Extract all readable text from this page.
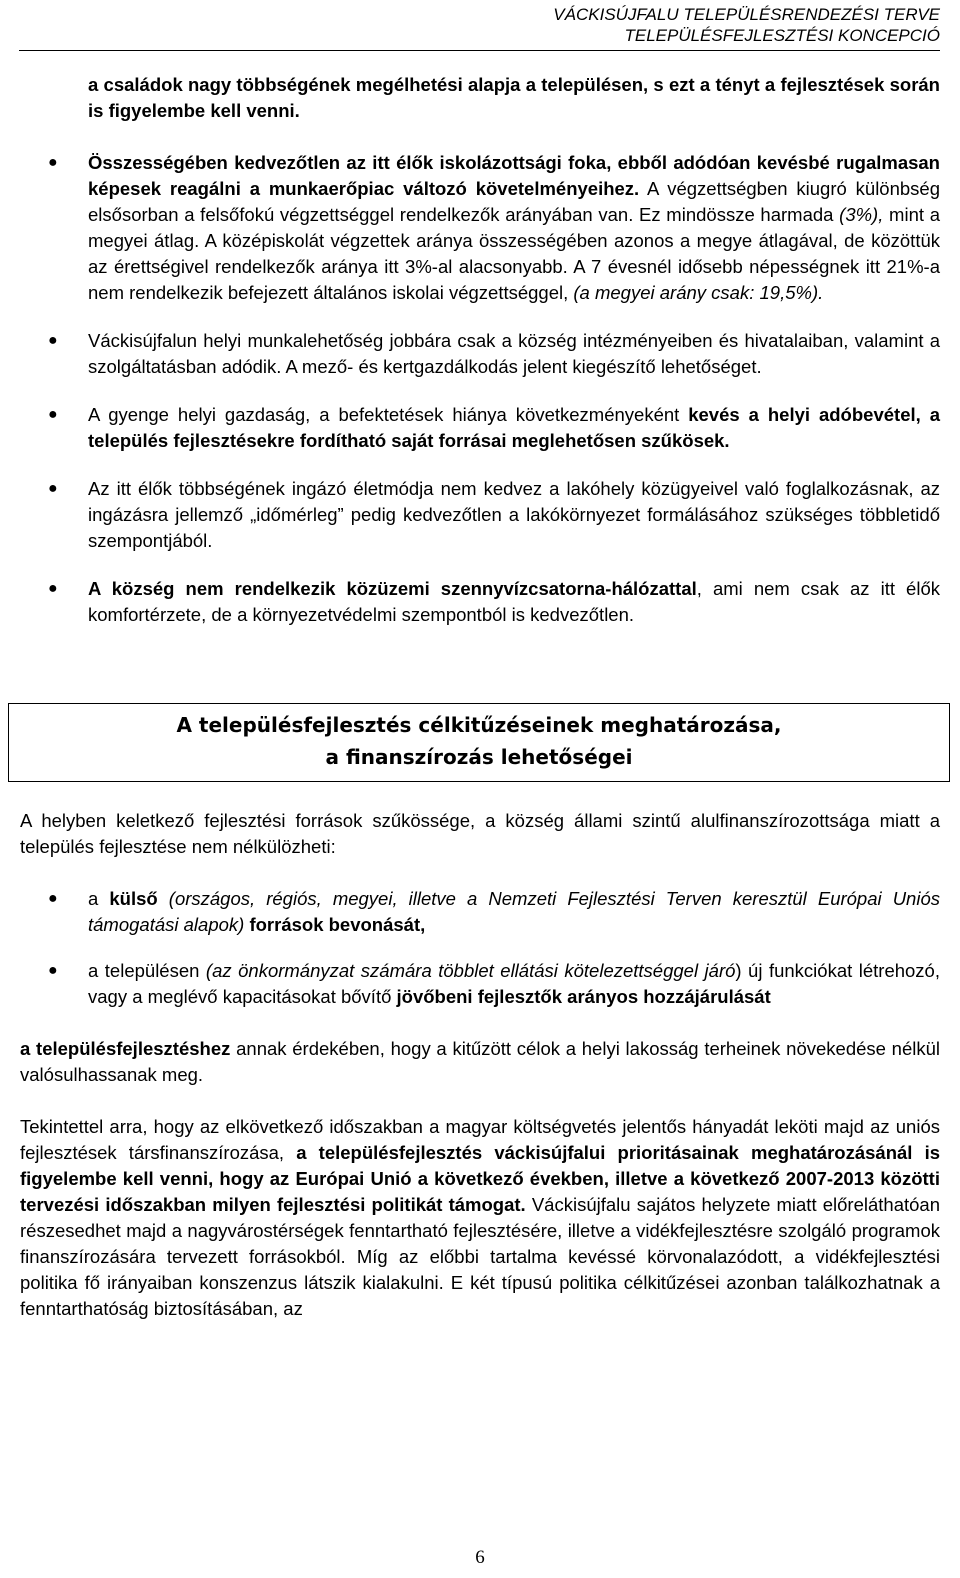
VÁCKISÚJFALU TELEPÜLÉSRENDEZÉSI TERVE
TELEPÜLÉSFEJLESZTÉSI KONCEPCIÓ

a családok nagy többségének megélhetési alapja a településen, s ezt a tényt a fejlesztések során is figyelembe kell venni.

● Összességében kedvezőtlen az itt élők iskolázottsági foka, ebből adódóan kevésbé rugalmasan képesek reagálni a munkaerőpiac változó követelményeihez. A végzettségben kiugró különbség elsősorban a felsőfokú végzettséggel rendelkezők arányában van. Ez mindössze harmada (3%), mint a megyei átlag. A középiskolát végzettek aránya összességében azonos a megye átlagával, de közöttük az érettségivel rendelkezők aránya itt 3%-al alacsonyabb. A 7 évesnél idősebb népességnek itt 21%-a nem rendelkezik befejezett általános iskolai végzettséggel, (a megyei arány csak: 19,5%).
● Váckisújfalun helyi munkalehetőség jobbára csak a község intézményeiben és hivatalaiban, valamint a szolgáltatásban adódik. A mező- és kertgazdálkodás jelent kiegészítő lehetőséget.
● A gyenge helyi gazdaság, a befektetések hiánya következményeként kevés a helyi adóbevétel, a település fejlesztésekre fordítható saját forrásai meglehetősen szűkösek.
● Az itt élők többségének ingázó életmódja nem kedvez a lakóhely közügyeivel való foglalkozásnak, az ingázásra jellemző „időmérleg” pedig kedvezőtlen a lakókörnyezet formálásához szükséges többletidő szempontjából.
● A község nem rendelkezik közüzemi szennyvízcsatorna-hálózattal, ami nem csak az itt élők komfortérzete, de a környezetvédelmi szempontból is kedvezőtlen.
A településfejlesztés célkitűzéseinek meghatározása,
a finanszírozás lehetőségei

A helyben keletkező fejlesztési források szűkössége, a község állami szintű alulfinanszírozottsága miatt a település fejlesztése nem nélkülözheti:

● a külső (országos, régiós, megyei, illetve a Nemzeti Fejlesztési Terven keresztül Európai Uniós támogatási alapok) források bevonását,
● a településen (az önkormányzat számára többlet ellátási kötelezettséggel járó) új funkciókat létrehozó, vagy a meglévő kapacitásokat bővítő jövőbeni fejlesztők arányos hozzájárulását

a településfejlesztéshez annak érdekében, hogy a kitűzött célok a helyi lakosság terheinek növekedése nélkül valósulhassanak meg.

Tekintettel arra, hogy az elkövetkező időszakban a magyar költségvetés jelentős hányadát leköti majd az uniós fejlesztések társfinanszírozása, a településfejlesztés váckisújfalui prioritásainak meghatározásánál is figyelembe kell venni, hogy az Európai Unió a következő években, illetve a következő 2007-2013 közötti tervezési időszakban milyen fejlesztési politikát támogat. Váckisújfalu sajátos helyzete miatt előreláthatóan részesedhet majd a nagyvárostérségek fenntartható fejlesztésére, illetve a vidékfejlesztésre szolgáló programok finanszírozására tervezett forrásokból. Míg az előbbi tartalma kevéssé körvonalazódott, a vidékfejlesztési politika fő irányaiban konszenzus látszik kialakulni. E két típusú politika célkitűzései azonban találkozhatnak a fenntarthatóság biztosításában, az

6
